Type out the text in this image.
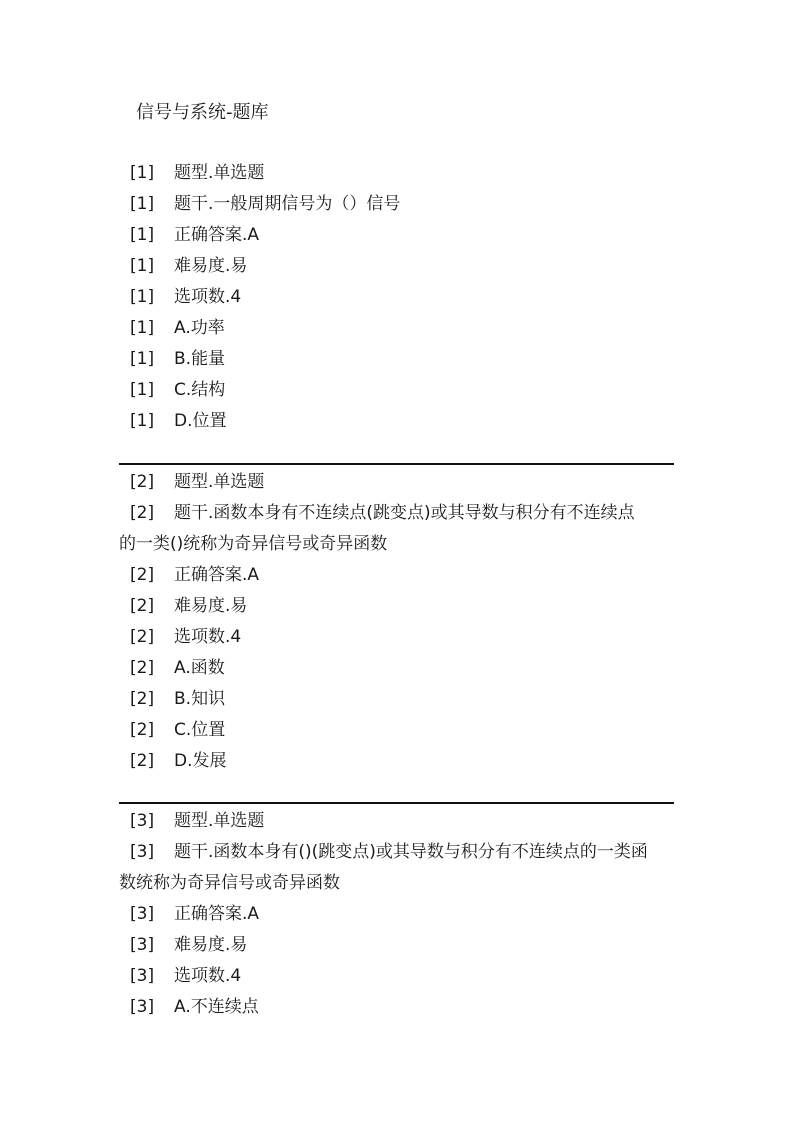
信号与系统-题库
[1] 题型.单选题
[1] 题干.一般周期信号为（）信号
[1] 正确答案.A
[1] 难易度.易
[1] 选项数.4
[1] A.功率
[1] B.能量
[1] C.结构
[1] D.位置
[2] 题型.单选题
[2] 题干.函数本身有不连续点(跳变点)或其导数与积分有不连续点
的一类()统称为奇异信号或奇异函数
[2] 正确答案.A
[2] 难易度.易
[2] 选项数.4
[2] A.函数
[2] B.知识
[2] C.位置
[2] D.发展
[3] 题型.单选题
[3] 题干.函数本身有()(跳变点)或其导数与积分有不连续点的一类函
数统称为奇异信号或奇异函数
[3] 正确答案.A
[3] 难易度.易
[3] 选项数.4
[3] A.不连续点
